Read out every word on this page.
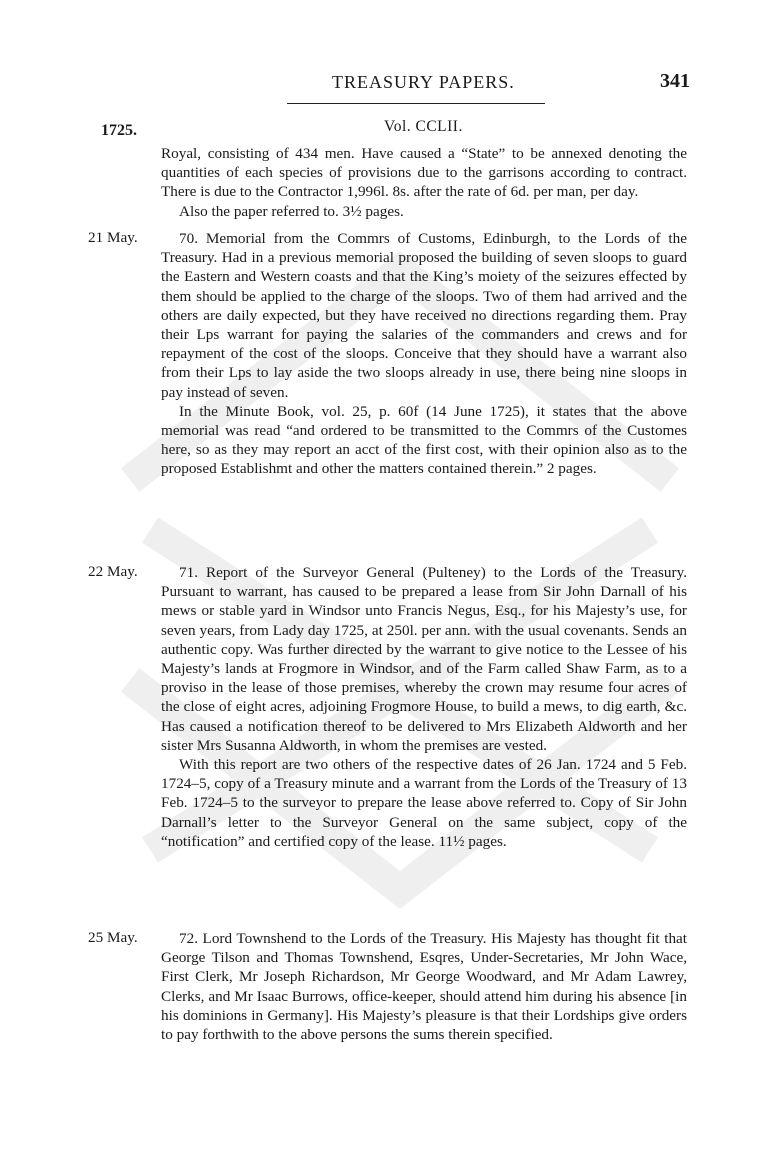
TREASURY PAPERS.	341
1725.	Vol. CCLII.

Royal, consisting of 434 men. Have caused a “State” to be annexed denoting the quantities of each species of provisions due to the garrisons according to contract. There is due to the Contractor 1,996l. 8s. after the rate of 6d. per man, per day.

Also the paper referred to. 3½ pages.

21 May.	70. Memorial from the Commrs of Customs, Edinburgh, to the Lords of the Treasury. Had in a previous memorial proposed the building of seven sloops to guard the Eastern and Western coasts and that the King’s moiety of the seizures effected by them should be applied to the charge of the sloops. Two of them had arrived and the others are daily expected, but they have received no directions regarding them. Pray their Lps warrant for paying the salaries of the commanders and crews and for repayment of the cost of the sloops. Conceive that they should have a warrant also from their Lps to lay aside the two sloops already in use, there being nine sloops in pay instead of seven.

In the Minute Book, vol. 25, p. 60f (14 June 1725), it states that the above memorial was read “and ordered to be transmitted to the Commrs of the Customes here, so as they may report an acct of the first cost, with their opinion also as to the proposed Establishmt and other the matters contained therein.” 2 pages.

22 May.	71. Report of the Surveyor General (Pulteney) to the Lords of the Treasury. Pursuant to warrant, has caused to be prepared a lease from Sir John Darnall of his mews or stable yard in Windsor unto Francis Negus, Esq., for his Majesty’s use, for seven years, from Lady day 1725, at 250l. per ann. with the usual covenants. Sends an authentic copy. Was further directed by the warrant to give notice to the Lessee of his Majesty’s lands at Frogmore in Windsor, and of the Farm called Shaw Farm, as to a proviso in the lease of those premises, whereby the crown may resume four acres of the close of eight acres, adjoining Frogmore House, to build a mews, to dig earth, &c. Has caused a notification thereof to be delivered to Mrs Elizabeth Aldworth and her sister Mrs Susanna Aldworth, in whom the premises are vested.

With this report are two others of the respective dates of 26 Jan. 1724 and 5 Feb. 1724–5, copy of a Treasury minute and a warrant from the Lords of the Treasury of 13 Feb. 1724–5 to the surveyor to prepare the lease above referred to. Copy of Sir John Darnall’s letter to the Surveyor General on the same subject, copy of the “notification” and certified copy of the lease. 11½ pages.

25 May.	72. Lord Townshend to the Lords of the Treasury. His Majesty has thought fit that George Tilson and Thomas Townshend, Esqres, Under-Secretaries, Mr John Wace, First Clerk, Mr Joseph Richardson, Mr George Woodward, and Mr Adam Lawrey, Clerks, and Mr Isaac Burrows, office-keeper, should attend him during his absence [in his dominions in Germany]. His Majesty’s pleasure is that their Lordships give orders to pay forthwith to the above persons the sums therein specified.
